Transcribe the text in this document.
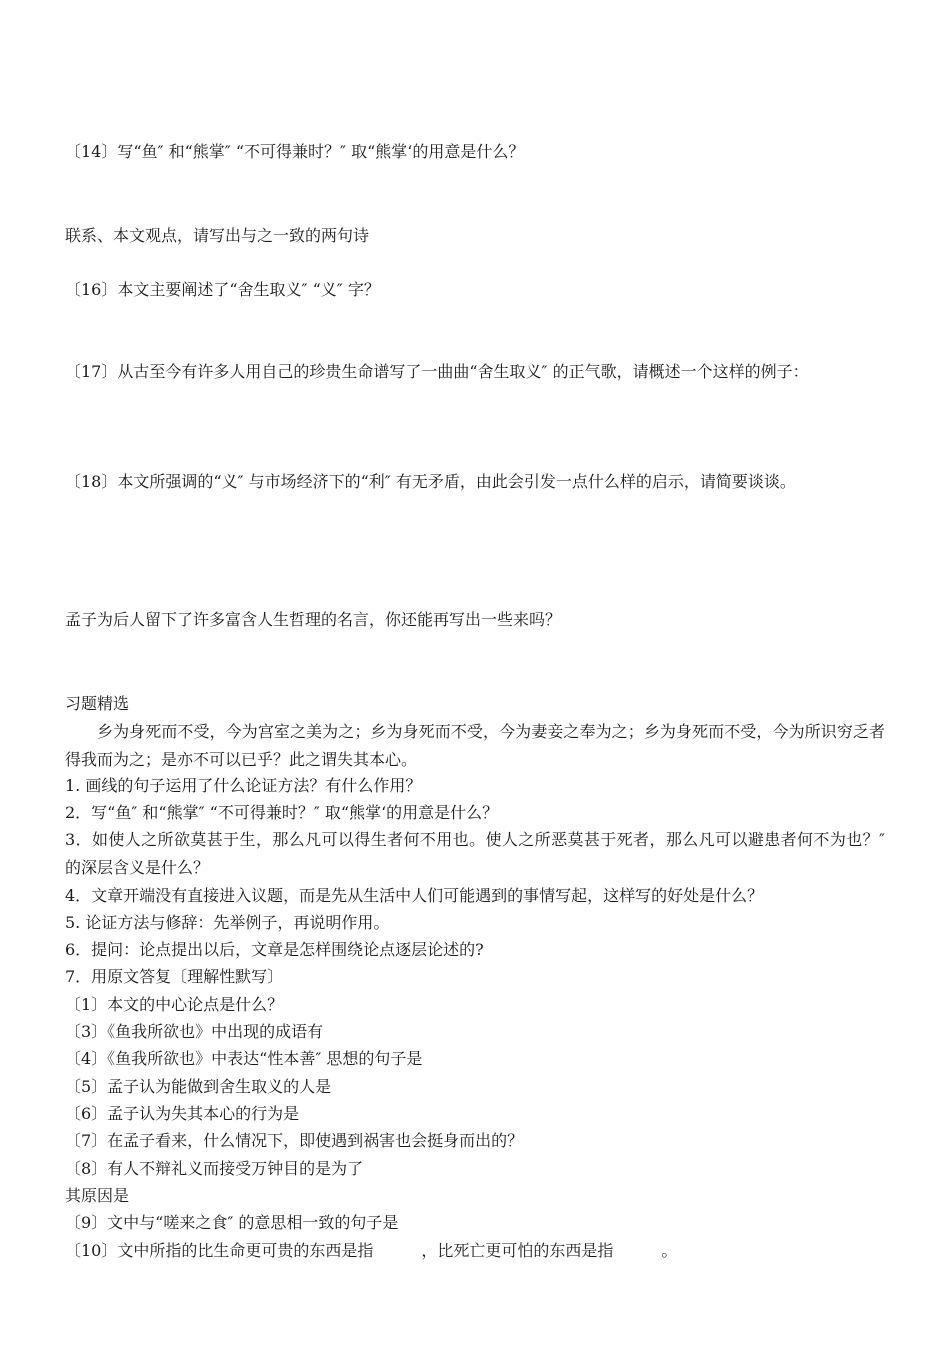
〔14〕写“鱼″ 和“熊掌″ “不可得兼时？″ 取“熊掌‘的用意是什么？
联系、本文观点，请写出与之一致的两句诗
〔16〕本文主要阐述了“舍生取义″ “义″ 字？
〔17〕从古至今有许多人用自己的珍贵生命谱写了一曲曲“舍生取义″ 的正气歌，请概述一个这样的例子：
〔18〕本文所强调的“义″ 与市场经济下的“利″ 有无矛盾，由此会引发一点什么样的启示，请简要谈谈。
孟子为后人留下了许多富含人生哲理的名言，你还能再写出一些来吗？
习题精选
乡为身死而不受，今为宫室之美为之；乡为身死而不受，今为妻妾之奉为之；乡为身死而不受，今为所识穷乏者得我而为之；是亦不可以已乎？此之谓失其本心。
1. 画线的句子运用了什么论证方法？有什么作用？
2．写“鱼″ 和“熊掌″ “不可得兼时？″ 取“熊掌‘的用意是什么？
3．如使人之所欲莫甚于生，那么凡可以得生者何不用也。使人之所恶莫甚于死者，那么凡可以避患者何不为也？″ 的深层含义是什么？
4．文章开端没有直接进入议题，而是先从生活中人们可能遇到的事情写起，这样写的好处是什么？
5. 论证方法与修辞：先举例子，再说明作用。
6．提问：论点提出以后，文章是怎样围绕论点逐层论述的?
7．用原文答复〔理解性默写〕
〔1〕本文的中心论点是什么？
〔3〕《鱼我所欲也》中出现的成语有
〔4〕《鱼我所欲也》中表达“性本善″ 思想的句子是
〔5〕孟子认为能做到舍生取义的人是
〔6〕孟子认为失其本心的行为是
〔7〕在孟子看来，什么情况下，即使遇到祸害也会挺身而出的？
〔8〕有人不辩礼义而接受万钟目的是为了
其原因是
〔9〕文中与“嗟来之食″ 的意思相一致的句子是
〔10〕文中所指的比生命更可贵的东西是指	，比死亡更可怕的东西是指	。
